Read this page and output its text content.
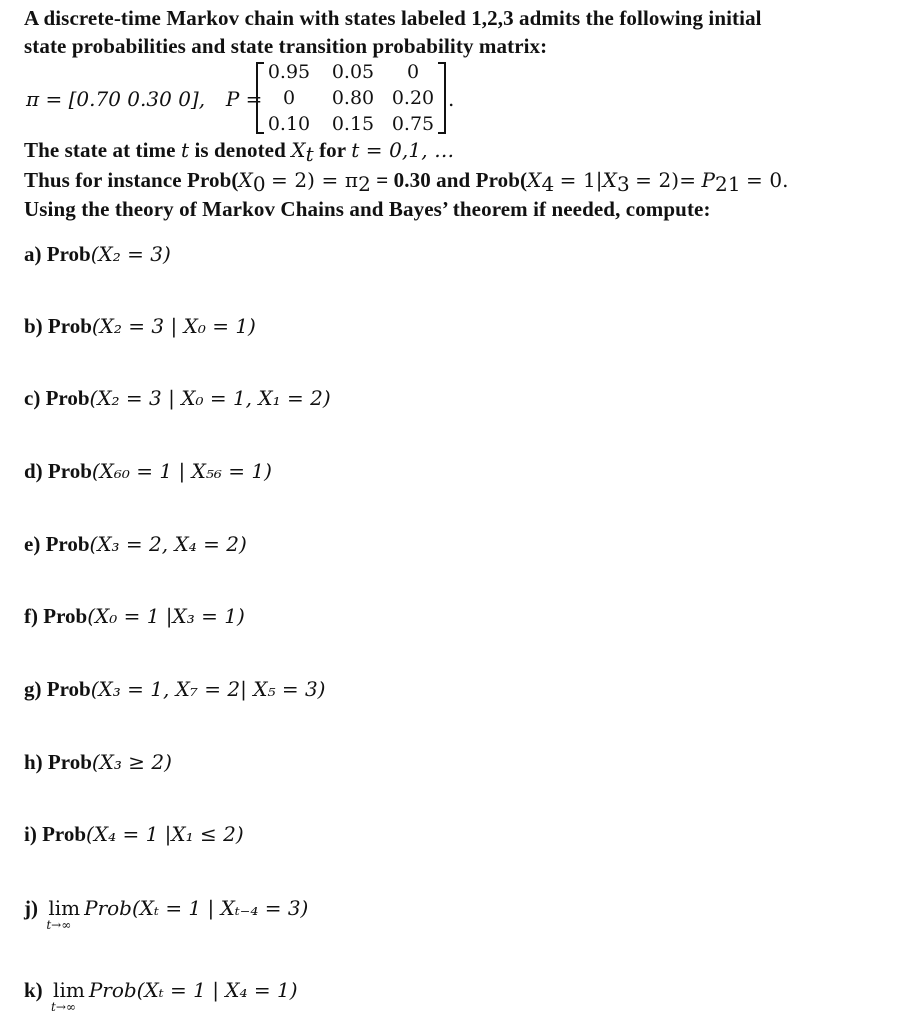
A discrete-time Markov chain with states labeled 1,2,3 admits the following initial
state probabilities and state transition probability matrix:
π = [0.70 0.30 0], P =
0.95	0.05	0
0	0.80 0.20
0.10	0.15 0.75
.
The state at time t is denoted $X_t$ for t = 0,1, …
Thus for instance $Prob(X_0 = 2) = \pi_2 = 0.30$ and $Prob(X_4 = 1|X_3 = 2)= P_{21} = 0$.
Using the theory of Markov Chains and Bayes’ theorem if needed, compute:
a) Prob(X₂ = 3)
b) Prob(X₂ = 3 | X₀ = 1)
c) Prob(X₂ = 3 | X₀ = 1, X₁ = 2)
d) Prob(X₆₀ = 1 | X₅₆ = 1)
e) Prob(X₃ = 2, X₄ = 2)
f) Prob(X₀ = 1 |X₃ = 1)
g) Prob(X₃ = 1, X₇ = 2| X₅ = 3)
h) Prob(X₃ ≥ 2)
i) Prob(X₄ = 1 |X₁ ≤ 2)
j) lim
t→∞
Prob(Xₜ = 1 | Xₜ₋₄ = 3)
k) lim
t→∞
Prob(Xₜ = 1 | X₄ = 1)
